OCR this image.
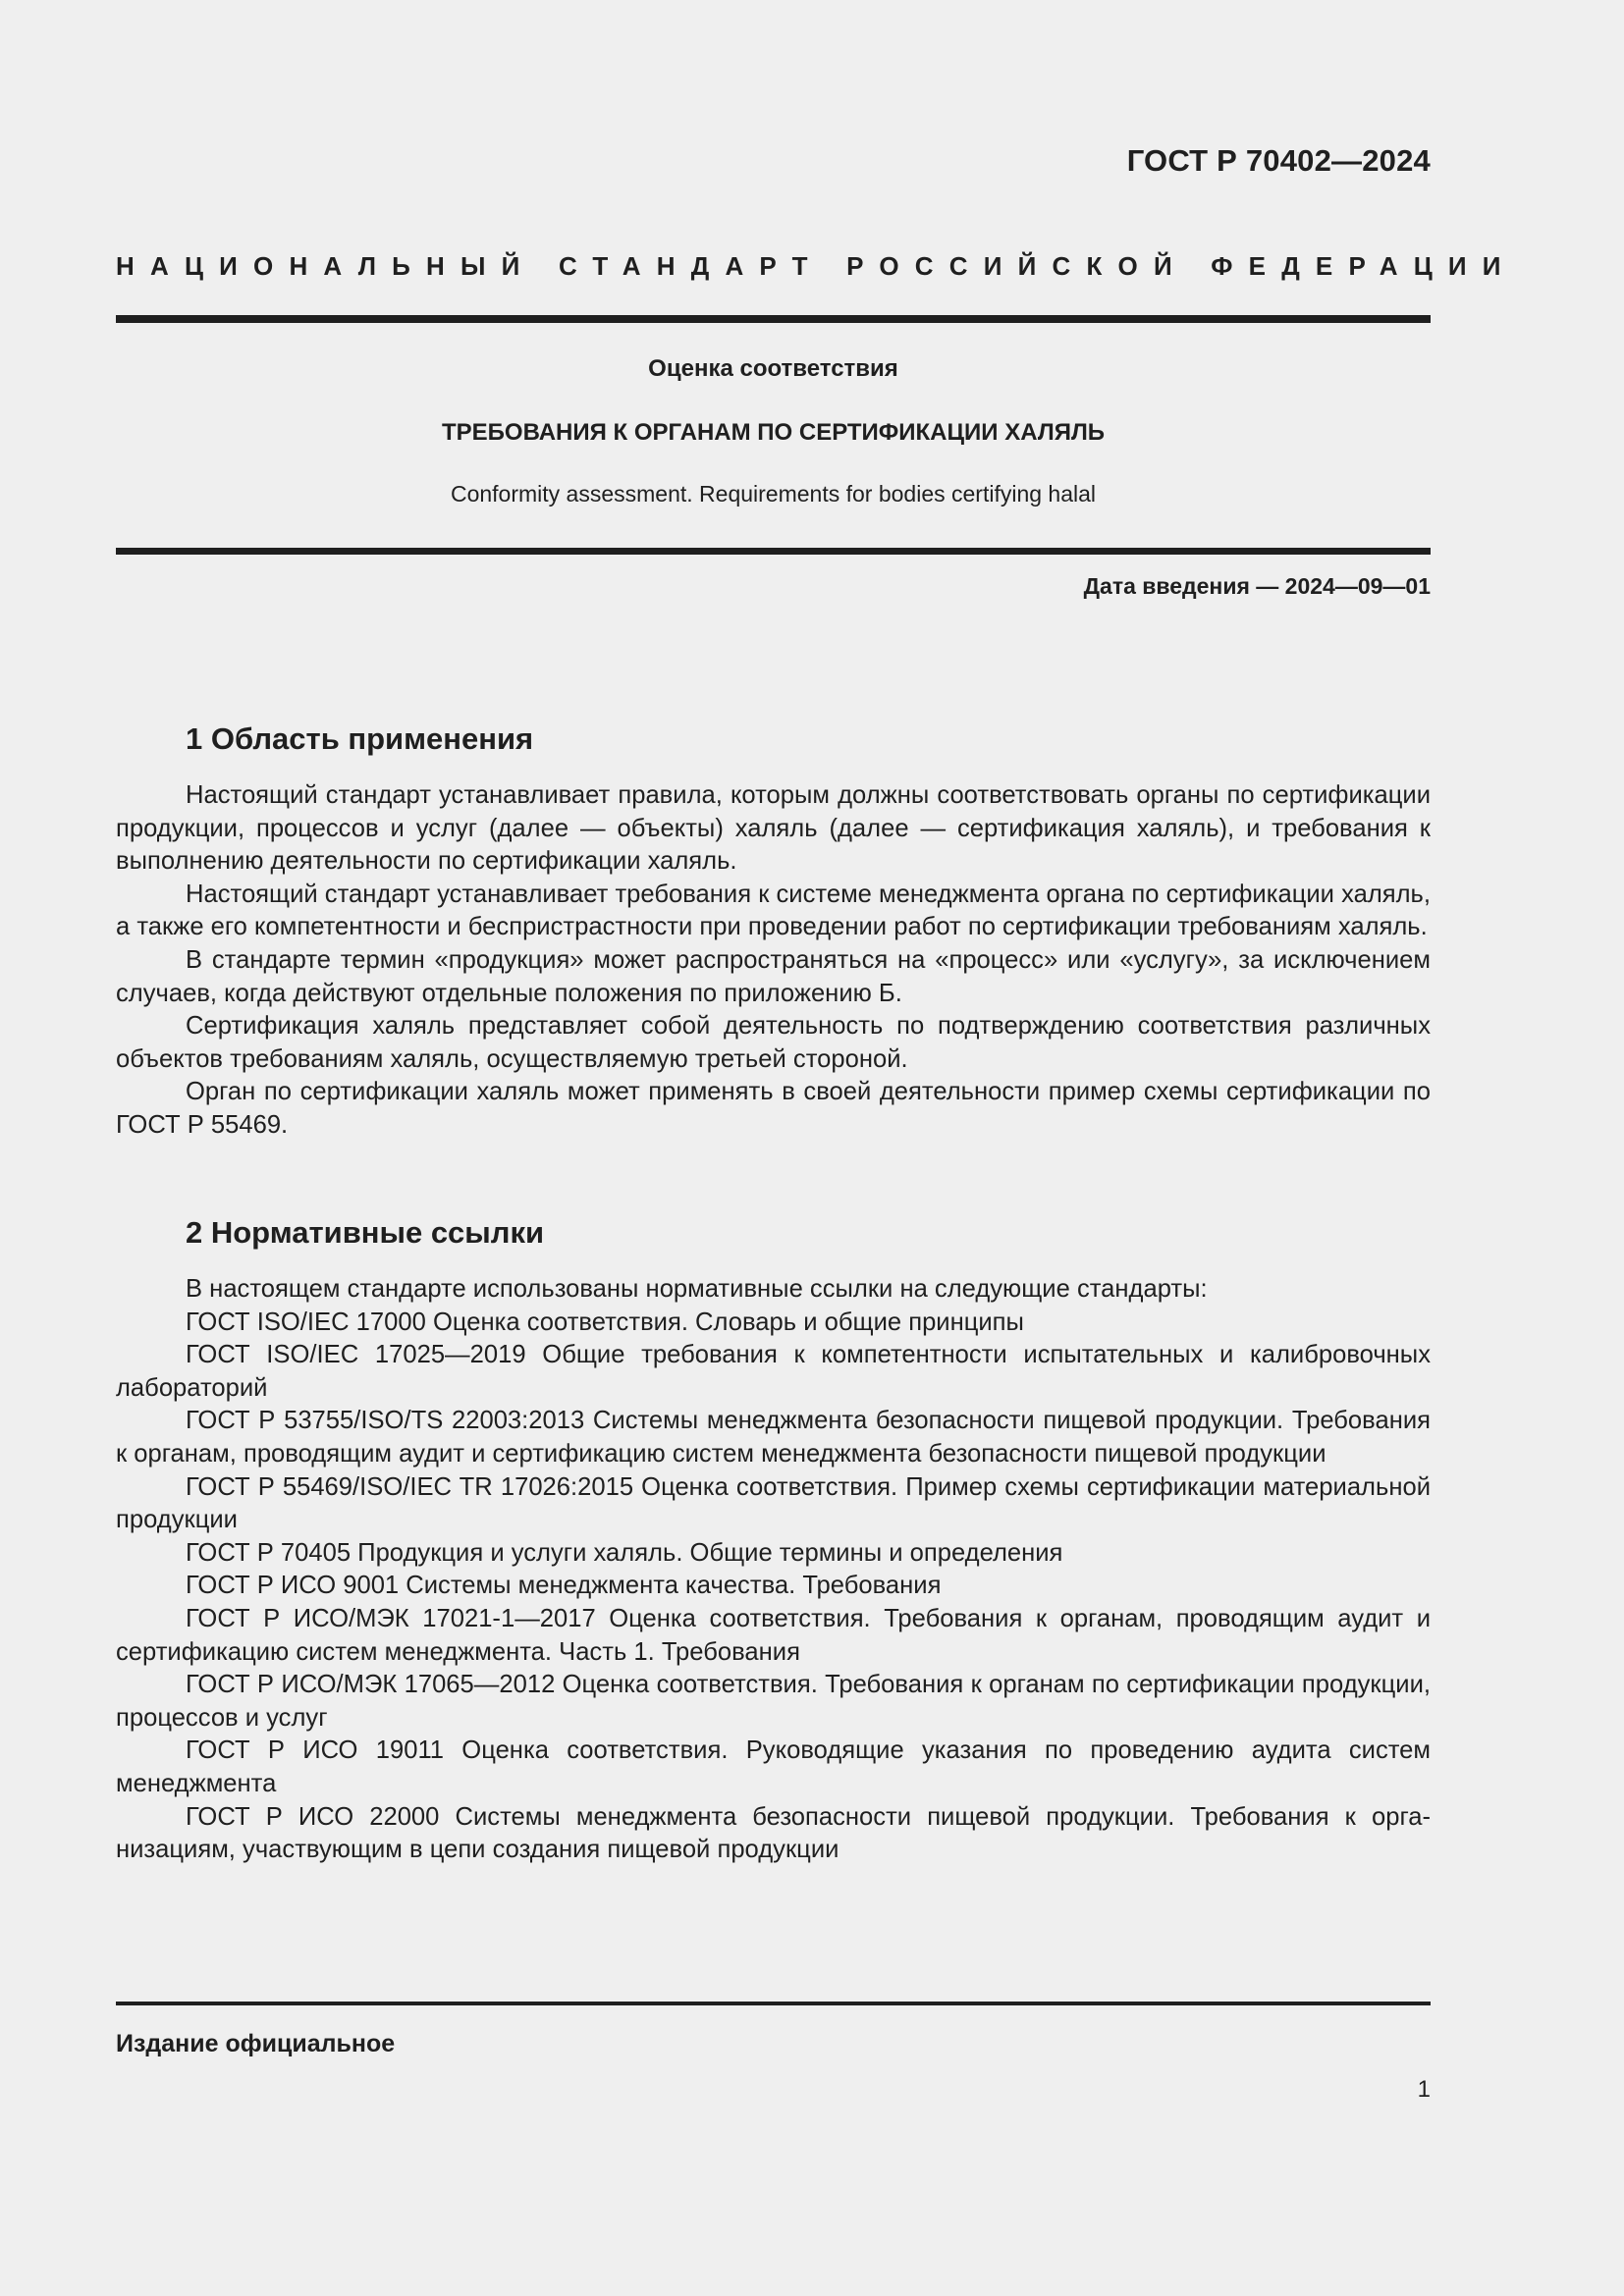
ГОСТ Р 70402—2024
НАЦИОНАЛЬНЫЙ СТАНДАРТ РОССИЙСКОЙ ФЕДЕРАЦИИ
Оценка соответствия
ТРЕБОВАНИЯ К ОРГАНАМ ПО СЕРТИФИКАЦИИ ХАЛЯЛЬ
Conformity assessment. Requirements for bodies certifying halal
Дата введения — 2024—09—01
1 Область применения

Настоящий стандарт устанавливает правила, которым должны соответствовать органы по сертификации продукции, процессов и услуг (далее — объекты) халяль (далее — сертификация халяль), и требования к выполнению деятельности по сертификации халяль.

Настоящий стандарт устанавливает требования к системе менеджмента органа по сертификации халяль, а также его компетентности и беспристрастности при проведении работ по сертификации требованиям халяль.

В стандарте термин «продукция» может распространяться на «процесс» или «услугу», за исключением случаев, когда действуют отдельные положения по приложению Б.

Сертификация халяль представляет собой деятельность по подтверждению соответствия различных объектов требованиям халяль, осуществляемую третьей стороной.

Орган по сертификации халяль может применять в своей деятельности пример схемы сертификации по ГОСТ Р 55469.

2 Нормативные ссылки

В настоящем стандарте использованы нормативные ссылки на следующие стандарты:

ГОСТ ISO/IEC 17000 Оценка соответствия. Словарь и общие принципы

ГОСТ ISO/IEC 17025—2019 Общие требования к компетентности испытательных и калибровочных лабораторий

ГОСТ Р 53755/ISO/TS 22003:2013 Системы менеджмента безопасности пищевой продукции. Требования к органам, проводящим аудит и сертификацию систем менеджмента безопасности пищевой продукции

ГОСТ Р 55469/ISO/IEC TR 17026:2015 Оценка соответствия. Пример схемы сертификации материальной продукции

ГОСТ Р 70405 Продукция и услуги халяль. Общие термины и определения

ГОСТ Р ИСО 9001 Системы менеджмента качества. Требования

ГОСТ Р ИСО/МЭК 17021-1—2017 Оценка соответствия. Требования к органам, проводящим аудит и сертификацию систем менеджмента. Часть 1. Требования

ГОСТ Р ИСО/МЭК 17065—2012 Оценка соответствия. Требования к органам по сертификации продукции, процессов и услуг

ГОСТ Р ИСО 19011 Оценка соответствия. Руководящие указания по проведению аудита систем менеджмента

ГОСТ Р ИСО 22000 Системы менеджмента безопасности пищевой продукции. Требования к организациям, участвующим в цепи создания пищевой продукции

Издание официальное
1
